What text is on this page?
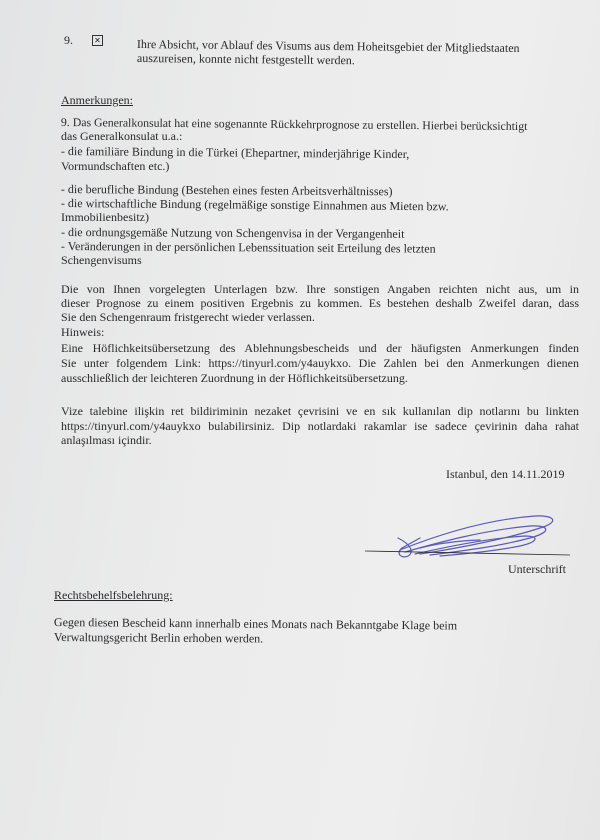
9.	✕	Ihre Absicht, vor Ablauf des Visums aus dem Hoheitsgebiet der Mitgliedstaaten

auszureisen, konnte nicht festgestellt werden.

Anmerkungen:

9. Das Generalkonsulat hat eine sogenannte Rückkehrprognose zu erstellen. Hierbei berücksichtigt

das Generalkonsulat u.a.:

- die familiäre Bindung in die Türkei (Ehepartner, minderjährige Kinder,

Vormundschaften etc.)

- die berufliche Bindung (Bestehen eines festen Arbeitsverhältnisses)

- die wirtschaftliche Bindung (regelmäßige sonstige Einnahmen aus Mieten bzw.

Immobilienbesitz)

- die ordnungsgemäße Nutzung von Schengenvisa in der Vergangenheit

- Veränderungen in der persönlichen Lebenssituation seit Erteilung des letzten

Schengenvisums

Die von Ihnen vorgelegten Unterlagen bzw. Ihre sonstigen Angaben reichten nicht aus, um in

dieser Prognose zu einem positiven Ergebnis zu kommen. Es bestehen deshalb Zweifel daran, dass

Sie den Schengenraum fristgerecht wieder verlassen.

Hinweis:

Eine Höflichkeitsübersetzung des Ablehnungsbescheids und der häufigsten Anmerkungen finden

Sie unter folgendem Link: https://tinyurl.com/y4auykxo. Die Zahlen bei den Anmerkungen dienen

ausschließlich der leichteren Zuordnung in der Höflichkeitsübersetzung.

Vize talebine ilişkin ret bildiriminin nezaket çevrisini ve en sık kullanılan dip notlarını bu linkten

https://tinyurl.com/y4auykxo bulabilirsiniz. Dip notlardaki rakamlar ise sadece çevirinin daha rahat

anlaşılması içindir.

Istanbul, den 14.11.2019

Unterschrift

Rechtsbehelfsbelehrung:

Gegen diesen Bescheid kann innerhalb eines Monats nach Bekanntgabe Klage beim

Verwaltungsgericht Berlin erhoben werden.
